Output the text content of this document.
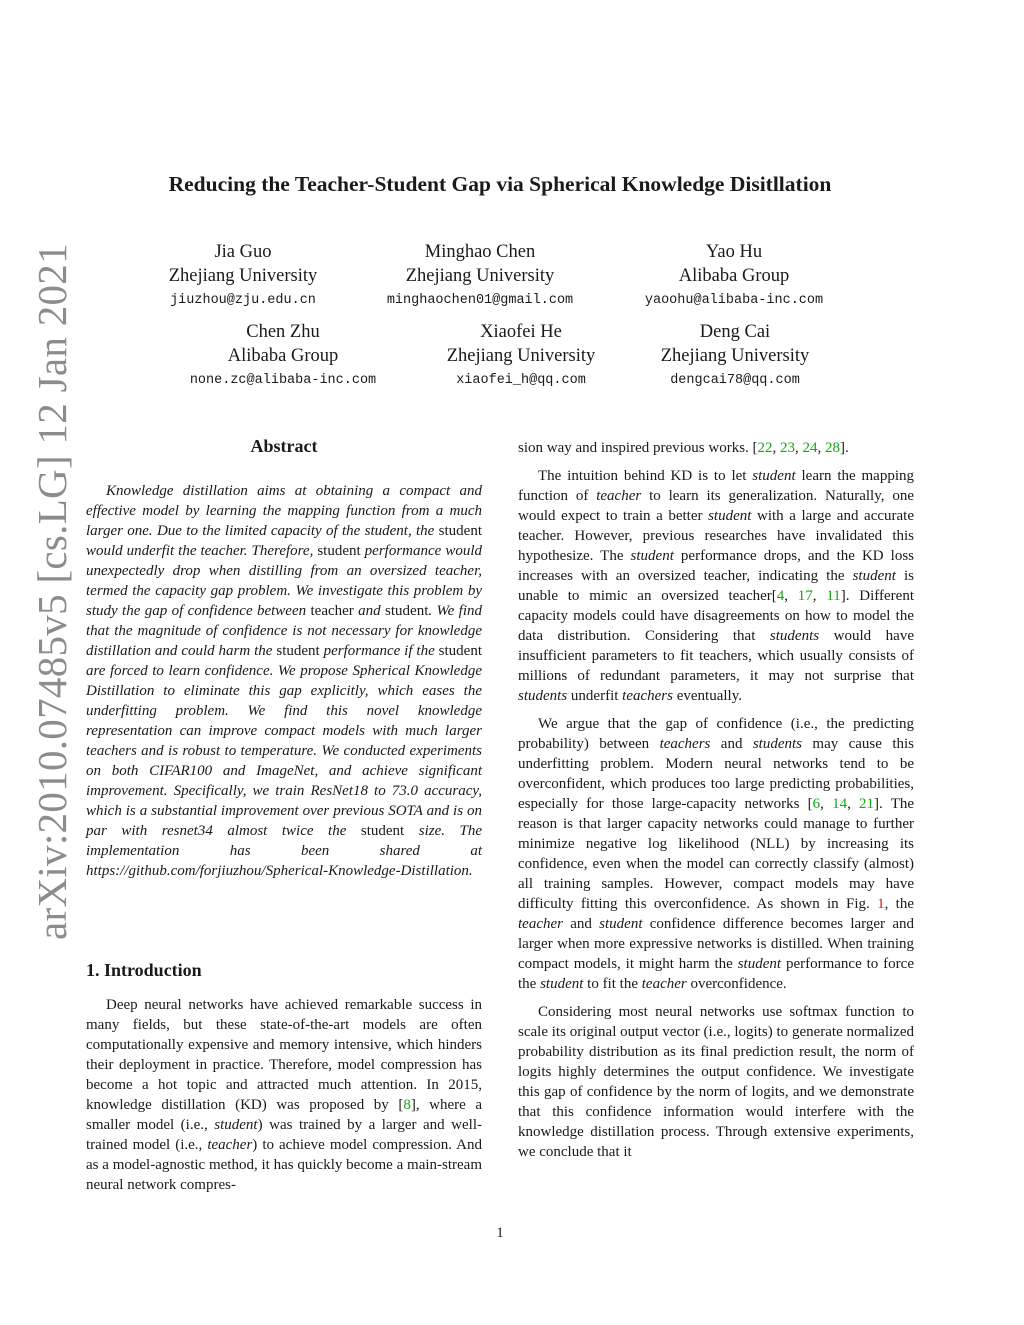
arXiv:2010.07485v5 [cs.LG] 12 Jan 2021
Reducing the Teacher-Student Gap via Spherical Knowledge Disitllation
Jia Guo
Zhejiang University
jiuzhou@zju.edu.cn
Minghao Chen
Zhejiang University
minghaochen01@gmail.com
Yao Hu
Alibaba Group
yaoohu@alibaba-inc.com
Chen Zhu
Alibaba Group
none.zc@alibaba-inc.com
Xiaofei He
Zhejiang University
xiaofei_h@qq.com
Deng Cai
Zhejiang University
dengcai78@qq.com
Abstract

Knowledge distillation aims at obtaining a compact and effective model by learning the mapping function from a much larger one. Due to the limited capacity of the student, the student would underfit the teacher. Therefore, student performance would unexpectedly drop when distilling from an oversized teacher, termed the capacity gap problem. We investigate this problem by study the gap of confidence between teacher and student. We find that the magnitude of confidence is not necessary for knowledge distillation and could harm the student performance if the student are forced to learn confidence. We propose Spherical Knowledge Distillation to eliminate this gap explicitly, which eases the underfitting problem. We find this novel knowledge representation can improve compact models with much larger teachers and is robust to temperature. We conducted experiments on both CIFAR100 and ImageNet, and achieve significant improvement. Specifically, we train ResNet18 to 73.0 accuracy, which is a substantial improvement over previous SOTA and is on par with resnet34 almost twice the student size. The implementation has been shared at https://github.com/forjiuzhou/Spherical-Knowledge-Distillation.

1. Introduction

Deep neural networks have achieved remarkable success in many fields, but these state-of-the-art models are often computationally expensive and memory intensive, which hinders their deployment in practice. Therefore, model compression has become a hot topic and attracted much attention. In 2015, knowledge distillation (KD) was proposed by [8], where a smaller model (i.e., student) was trained by a larger and well-trained model (i.e., teacher) to achieve model compression. And as a model-agnostic method, it has quickly become a main-stream neural network compres-

sion way and inspired previous works. [22, 23, 24, 28].

The intuition behind KD is to let student learn the mapping function of teacher to learn its generalization. Naturally, one would expect to train a better student with a large and accurate teacher. However, previous researches have invalidated this hypothesize. The student performance drops, and the KD loss increases with an oversized teacher, indicating the student is unable to mimic an oversized teacher[4, 17, 11]. Different capacity models could have disagreements on how to model the data distribution. Considering that students would have insufficient parameters to fit teachers, which usually consists of millions of redundant parameters, it may not surprise that students underfit teachers eventually.

We argue that the gap of confidence (i.e., the predicting probability) between teachers and students may cause this underfitting problem. Modern neural networks tend to be overconfident, which produces too large predicting probabilities, especially for those large-capacity networks [6, 14, 21]. The reason is that larger capacity networks could manage to further minimize negative log likelihood (NLL) by increasing its confidence, even when the model can correctly classify (almost) all training samples. However, compact models may have difficulty fitting this overconfidence. As shown in Fig. 1, the teacher and student confidence difference becomes larger and larger when more expressive networks is distilled. When training compact models, it might harm the student performance to force the student to fit the teacher overconfidence.

Considering most neural networks use softmax function to scale its original output vector (i.e., logits) to generate normalized probability distribution as its final prediction result, the norm of logits highly determines the output confidence. We investigate this gap of confidence by the norm of logits, and we demonstrate that this confidence information would interfere with the knowledge distillation process. Through extensive experiments, we conclude that it

1
